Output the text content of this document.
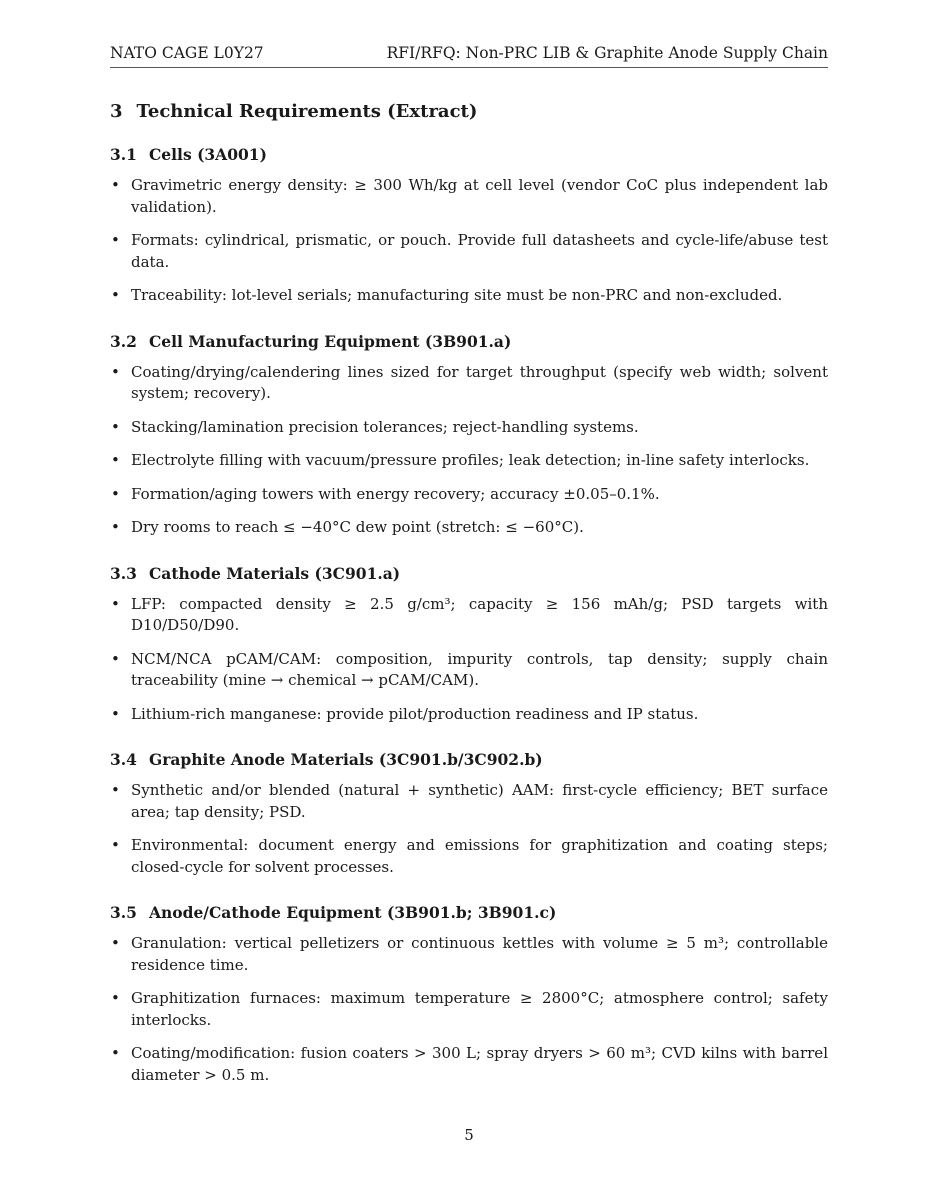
NATO CAGE L0Y27	RFI/RFQ: Non-PRC LIB & Graphite Anode Supply Chain
3 Technical Requirements (Extract)
3.1 Cells (3A001)
• Gravimetric energy density: ≥ 300 Wh/kg at cell level (vendor CoC plus independent lab validation).
• Formats: cylindrical, prismatic, or pouch. Provide full datasheets and cycle-life/abuse test data.
• Traceability: lot-level serials; manufacturing site must be non-PRC and non-excluded.
3.2 Cell Manufacturing Equipment (3B901.a)
• Coating/drying/calendering lines sized for target throughput (specify web width; solvent system; recovery).
• Stacking/lamination precision tolerances; reject-handling systems.
• Electrolyte filling with vacuum/pressure profiles; leak detection; in-line safety interlocks.
• Formation/aging towers with energy recovery; accuracy ±0.05–0.1%.
• Dry rooms to reach ≤ −40°C dew point (stretch: ≤ −60°C).
3.3 Cathode Materials (3C901.a)
• LFP: compacted density ≥ 2.5 g/cm³; capacity ≥ 156 mAh/g; PSD targets with D10/D50/D90.
• NCM/NCA pCAM/CAM: composition, impurity controls, tap density; supply chain traceability (mine → chemical → pCAM/CAM).
• Lithium-rich manganese: provide pilot/production readiness and IP status.
3.4 Graphite Anode Materials (3C901.b/3C902.b)
• Synthetic and/or blended (natural + synthetic) AAM: first-cycle efficiency; BET surface area; tap density; PSD.
• Environmental: document energy and emissions for graphitization and coating steps; closed-cycle for solvent processes.
3.5 Anode/Cathode Equipment (3B901.b; 3B901.c)
• Granulation: vertical pelletizers or continuous kettles with volume ≥ 5 m³; controllable residence time.
• Graphitization furnaces: maximum temperature ≥ 2800°C; atmosphere control; safety interlocks.
• Coating/modification: fusion coaters > 300 L; spray dryers > 60 m³; CVD kilns with barrel diameter > 0.5 m.
5
